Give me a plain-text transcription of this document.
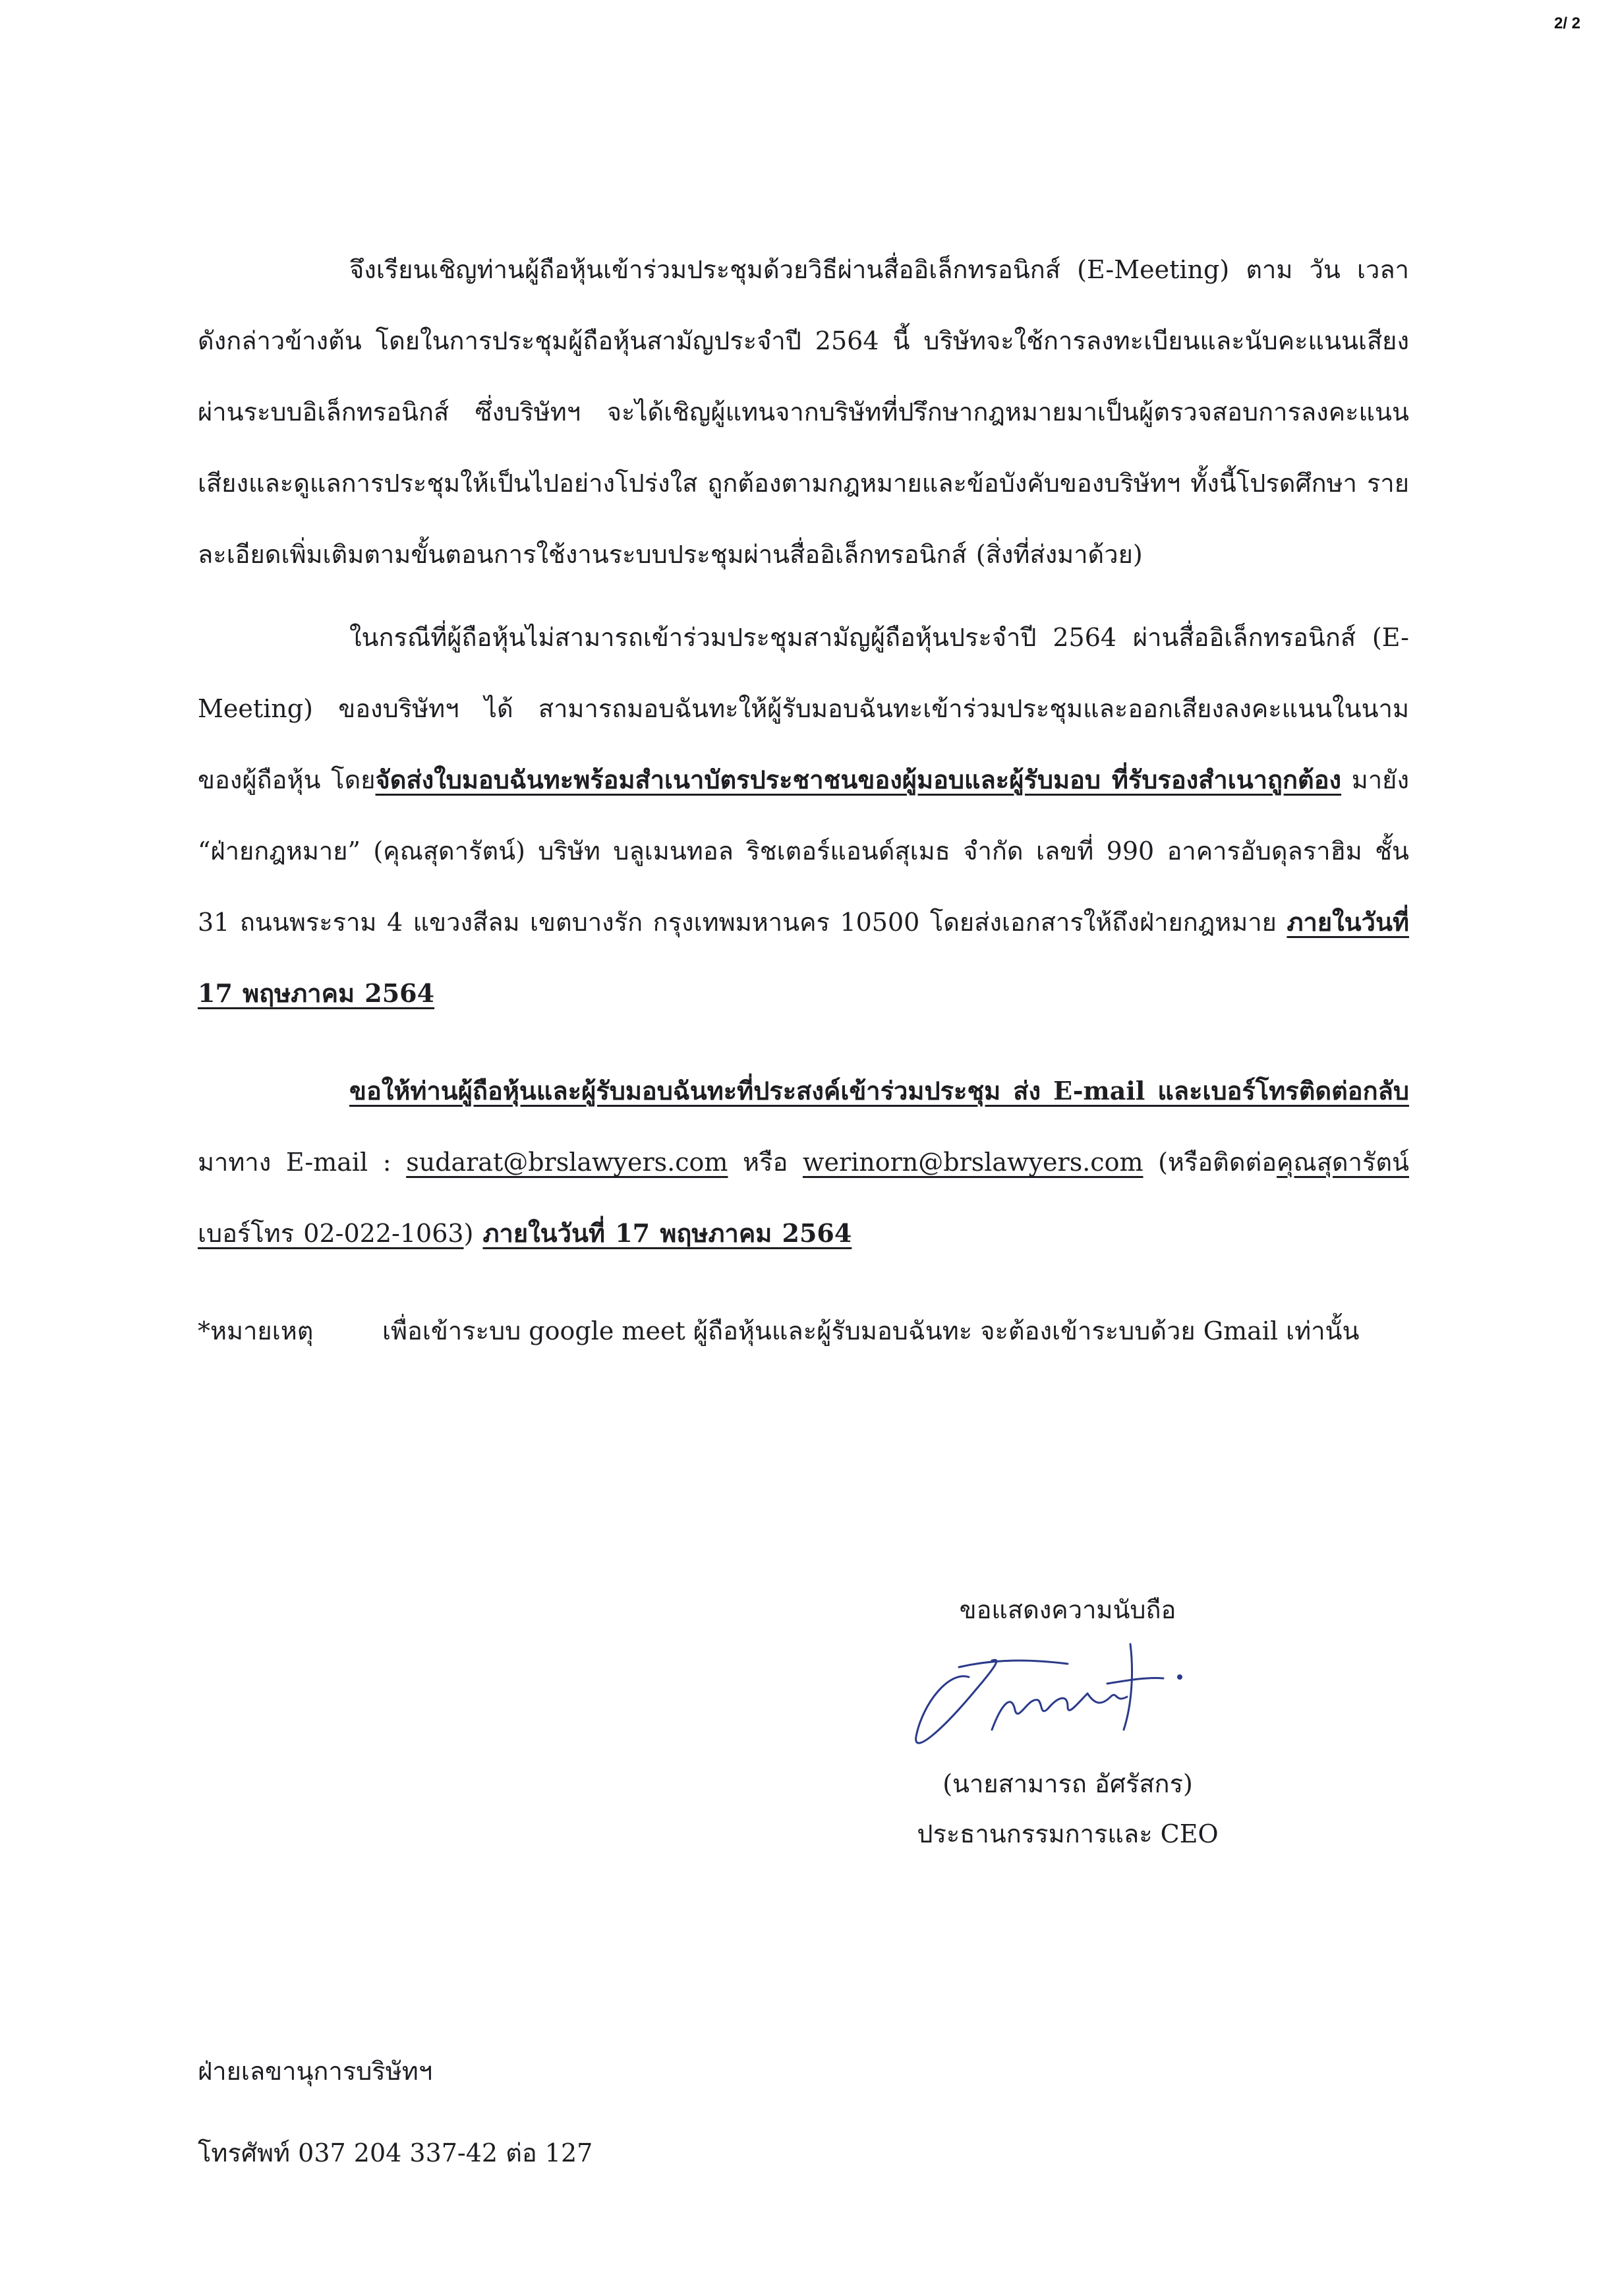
2/ 2

จึงเรียนเชิญท่านผู้ถือหุ้นเข้าร่วมประชุมด้วยวิธีผ่านสื่ออิเล็กทรอนิกส์ (E-Meeting) ตาม วัน เวลา ดังกล่าวข้างต้น โดยในการประชุมผู้ถือหุ้นสามัญประจำปี 2564 นี้ บริษัทจะใช้การลงทะเบียนและนับคะแนนเสียง ผ่านระบบอิเล็กทรอนิกส์ ซึ่งบริษัทฯ จะได้เชิญผู้แทนจากบริษัทที่ปรึกษากฎหมายมาเป็นผู้ตรวจสอบการลงคะแนน เสียงและดูแลการประชุมให้เป็นไปอย่างโปร่งใส ถูกต้องตามกฎหมายและข้อบังคับของบริษัทฯ ทั้งนี้โปรดศึกษา รายละเอียดเพิ่มเติมตามขั้นตอนการใช้งานระบบประชุมผ่านสื่ออิเล็กทรอนิกส์ (สิ่งที่ส่งมาด้วย)

ในกรณีที่ผู้ถือหุ้นไม่สามารถเข้าร่วมประชุมสามัญผู้ถือหุ้นประจำปี 2564 ผ่านสื่ออิเล็กทรอนิกส์ (E- Meeting) ของบริษัทฯ ได้ สามารถมอบฉันทะให้ผู้รับมอบฉันทะเข้าร่วมประชุมและออกเสียงลงคะแนนในนาม ของผู้ถือหุ้น โดยจัดส่งใบมอบฉันทะพร้อมสำเนาบัตรประชาชนของผู้มอบและผู้รับมอบ ที่รับรองสำเนาถูกต้อง มายัง “ฝ่ายกฎหมาย” (คุณสุดารัตน์) บริษัท บลูเมนทอล ริชเตอร์แอนด์สุเมธ จำกัด เลขที่ 990 อาคารอับดุลราฮิม ชั้น 31 ถนนพระราม 4 แขวงสีลม เขตบางรัก กรุงเทพมหานคร 10500 โดยส่งเอกสารให้ถึงฝ่ายกฎหมาย ภายในวันที่ 17 พฤษภาคม 2564

ขอให้ท่านผู้ถือหุ้นและผู้รับมอบฉันทะที่ประสงค์เข้าร่วมประชุม ส่ง E-mail และเบอร์โทรติดต่อกลับ มาทาง E-mail : sudarat@brslawyers.com หรือ werinorn@brslawyers.com (หรือติดต่อคุณสุดารัตน์ เบอร์โทร 02-022-1063) ภายในวันที่ 17 พฤษภาคม 2564

*หมายเหตุ	เพื่อเข้าระบบ google meet ผู้ถือหุ้นและผู้รับมอบฉันทะ จะต้องเข้าระบบด้วย Gmail เท่านั้น
ขอแสดงความนับถือ
(นายสามารถ อัศรัสกร)
ประธานกรรมการและ CEO
ฝ่ายเลขานุการบริษัทฯ
โทรศัพท์ 037 204 337-42 ต่อ 127
